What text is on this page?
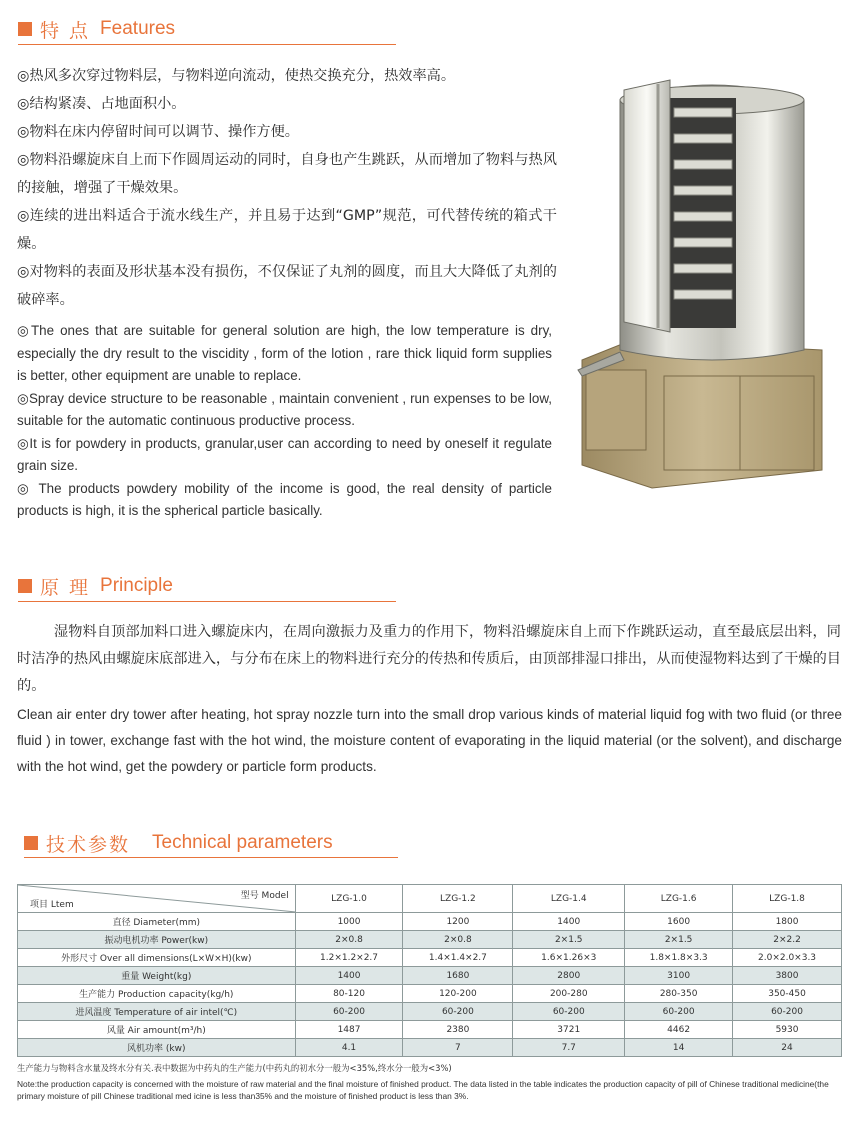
特 点 Features

◎热风多次穿过物料层，与物料逆向流动，使热交换充分，热效率高。

◎结构紧凑、占地面积小。

◎物料在床内停留时间可以调节、操作方便。

◎物料沿螺旋床自上而下作圆周运动的同时，自身也产生跳跃，从而增加了物料与热风的接触，增强了干燥效果。

◎连续的进出料适合于流水线生产，并且易于达到“GMP”规范，可代替传统的箱式干燥。

◎对物料的表面及形状基本没有损伤，不仅保证了丸剂的圆度，而且大大降低了丸剂的破碎率。

◎The ones that are suitable for general solution are high, the low temperature is dry, especially the dry result to the viscidity , form of the lotion , rare thick liquid form supplies is better, other equipment are unable to replace.

◎Spray device structure to be reasonable , maintain convenient , run expenses to be low, suitable for the automatic continuous productive process.

◎It is for powdery in products, granular,user can according to need by oneself it regulate grain size.

◎ The products powdery mobility of the income is good, the real density of particle products is high, it is the spherical particle basically.

原 理 Principle

湿物料自顶部加料口进入螺旋床内，在周向激振力及重力的作用下，物料沿螺旋床自上而下作跳跃运动，直至最底层出料，同时洁净的热风由螺旋床底部进入，与分布在床上的物料进行充分的传热和传质后，由顶部排湿口排出，从而使湿物料达到了干燥的目的。

Clean air enter dry tower after heating, hot spray nozzle turn into the small drop various kinds of material liquid fog with two fluid (or three fluid ) in tower, exchange fast with the hot wind, the moisture content of evaporating in the liquid material (or the solvent), and discharge with the hot wind, get the powdery or particle form products.

技术参数 Technical parameters
型号 Model
项目 Ltem	LZG-1.0	LZG-1.2	LZG-1.4	LZG-1.6	LZG-1.8
直径 Diameter(mm)	1000	1200	1400	1600	1800
振动电机功率 Power(kw)	2×0.8	2×0.8	2×1.5	2×1.5	2×2.2
外形尺寸 Over all dimensions(L×W×H)(kw)	1.2×1.2×2.7	1.4×1.4×2.7	1.6×1.26×3	1.8×1.8×3.3	2.0×2.0×3.3
重量 Weight(kg)	1400	1680	2800	3100	3800
生产能力 Production capacity(kg/h)	80-120	120-200	200-280	280-350	350-450
进风温度 Temperature of air intel(℃)	60-200	60-200	60-200	60-200	60-200
风量 Air amount(m³/h)	1487	2380	3721	4462	5930
风机功率 (kw)	4.1	7	7.7	14	24

生产能力与物料含水量及终水分有关.表中数据为中药丸的生产能力(中药丸的初水分一般为<35%,终水分一般为<3%)

Note:the production capacity is concerned with the moisture of raw material and the final moisture of finished product. The data listed in the table indicates the production capacity of pill of Chinese traditional medicine(the primary moisture of pill Chinese traditional med icine is less than35% and the moisture of finished product is less than 3%.
